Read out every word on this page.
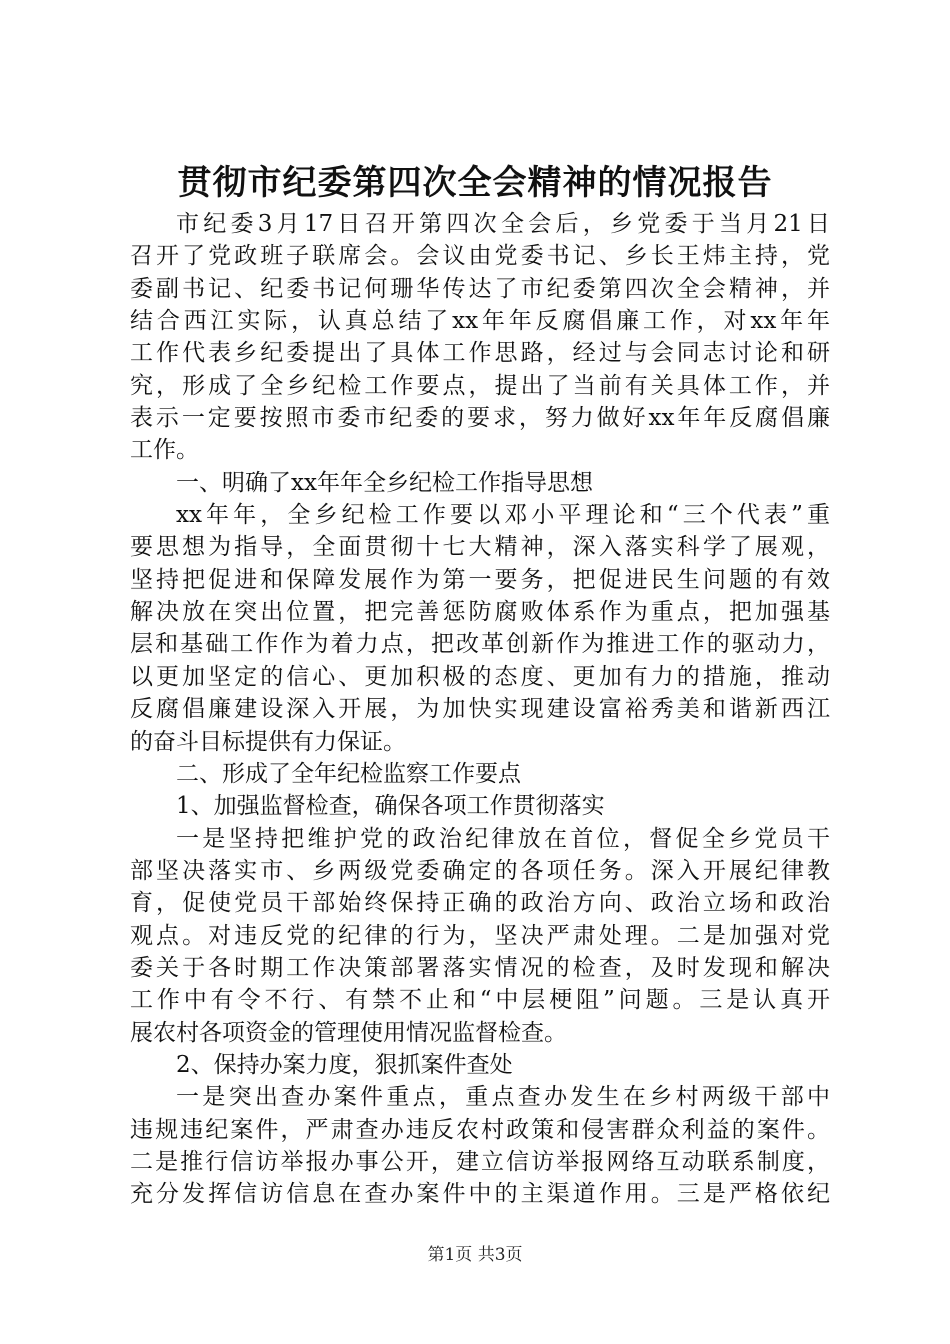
贯彻市纪委第四次全会精神的情况报告
市纪委3月17日召开第四次全会后，乡党委于当月21日
召开了党政班子联席会。会议由党委书记、乡长王炜主持，党
委副书记、纪委书记何珊华传达了市纪委第四次全会精神，并
结合西江实际，认真总结了xx年年反腐倡廉工作，对xx年年
工作代表乡纪委提出了具体工作思路，经过与会同志讨论和研
究，形成了全乡纪检工作要点，提出了当前有关具体工作，并
表示一定要按照市委市纪委的要求，努力做好xx年年反腐倡廉
工作。
一、明确了xx年年全乡纪检工作指导思想
xx年年，全乡纪检工作要以邓小平理论和“三个代表”重
要思想为指导，全面贯彻十七大精神，深入落实科学了展观，
坚持把促进和保障发展作为第一要务，把促进民生问题的有效
解决放在突出位置，把完善惩防腐败体系作为重点，把加强基
层和基础工作作为着力点，把改革创新作为推进工作的驱动力，
以更加坚定的信心、更加积极的态度、更加有力的措施，推动
反腐倡廉建设深入开展，为加快实现建设富裕秀美和谐新西江
的奋斗目标提供有力保证。
二、形成了全年纪检监察工作要点
1、加强监督检查，确保各项工作贯彻落实
一是坚持把维护党的政治纪律放在首位，督促全乡党员干
部坚决落实市、乡两级党委确定的各项任务。深入开展纪律教
育，促使党员干部始终保持正确的政治方向、政治立场和政治
观点。对违反党的纪律的行为，坚决严肃处理。二是加强对党
委关于各时期工作决策部署落实情况的检查，及时发现和解决
工作中有令不行、有禁不止和“中层梗阻”问题。三是认真开
展农村各项资金的管理使用情况监督检查。
2、保持办案力度，狠抓案件查处
一是突出查办案件重点，重点查办发生在乡村两级干部中
违规违纪案件，严肃查办违反农村政策和侵害群众利益的案件。
二是推行信访举报办事公开，建立信访举报网络互动联系制度，
充分发挥信访信息在查办案件中的主渠道作用。三是严格依纪
第1页 共3页
